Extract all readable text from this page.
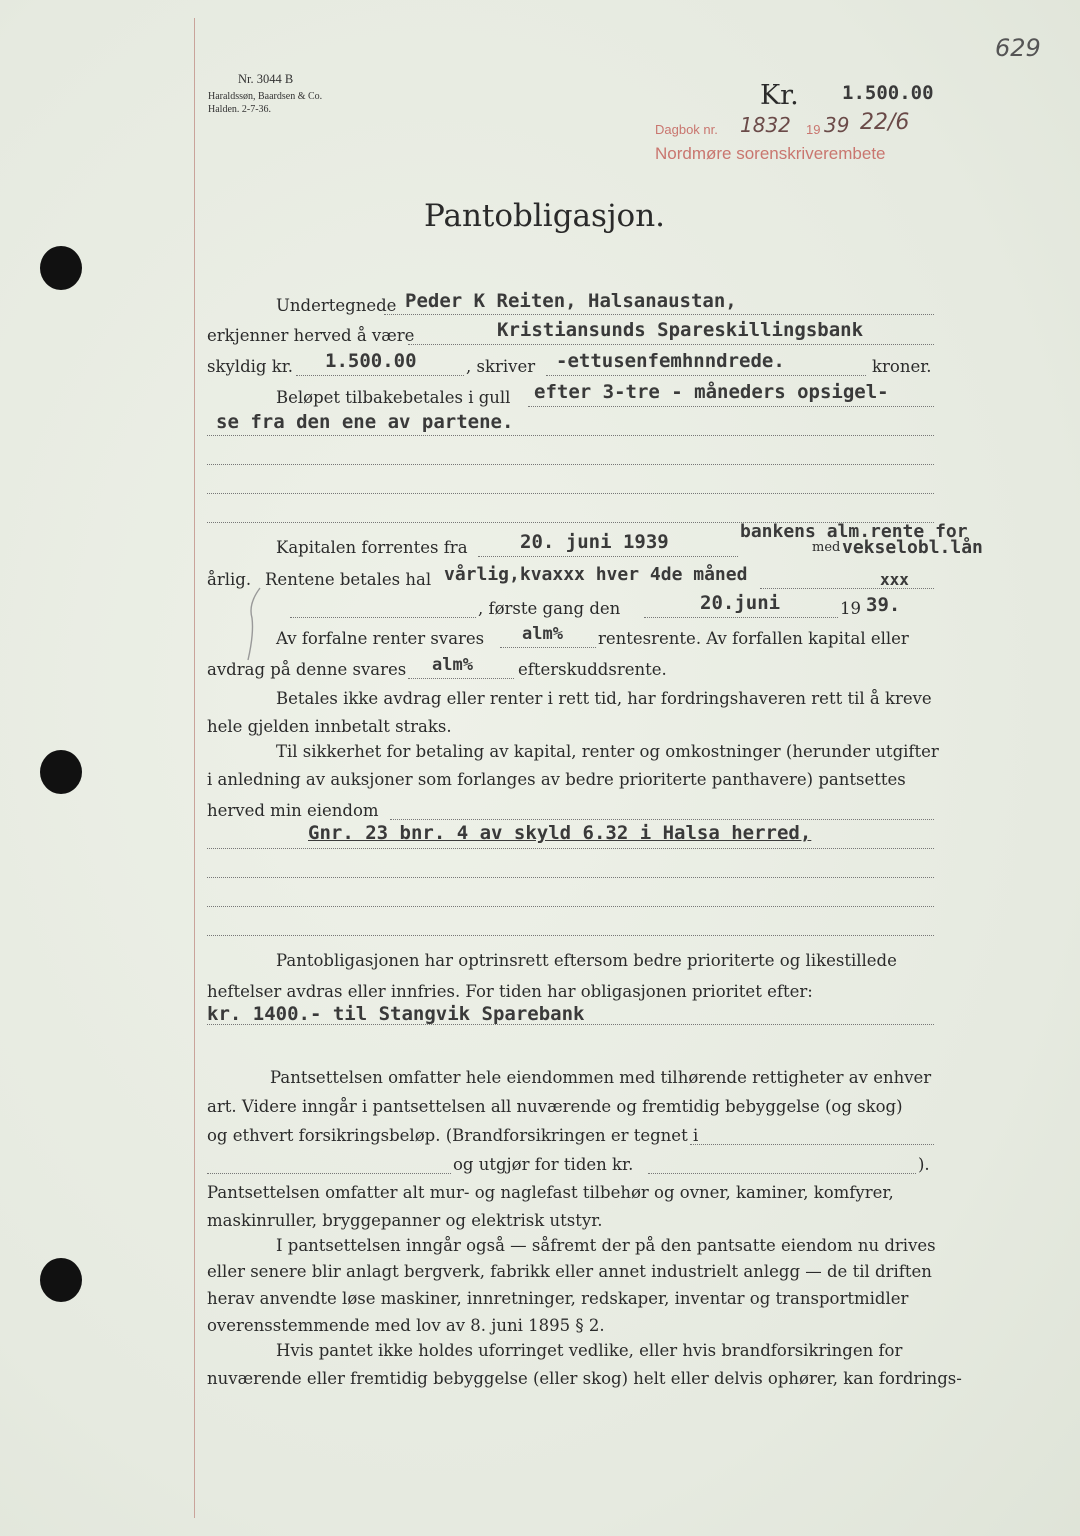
629
Nr. 3044 B
Haraldssøn, Baardsen & Co.
Halden. 2-7-36.	Kr. 1.500.00
Dagbok nr. 1832 19 39 22/6
Nordmøre sorenskriverembete
Pantobligasjon.
Undertegnede Peder K Reiten, Halsanaustan,
erkjenner herved å være	Kristiansunds Spareskillingsbank
skyldig kr. 1.500.00	, skriver -ettusenfemhnndrede.	kroner.
Beløpet tilbakebetales i gull efter 3-tre - måneders opsigel-
se fra den ene av partene.
Kapitalen forrentes fra	20. juni 1939	bankens alm.rente for
med vekselobl.lån
årlig. Rentene betales hal vårlig,kvaxxx hver 4de måned	xxx
, første gang den	20.juni	19 39.
Av forfalne renter svares alm% rentesrente. Av forfallen kapital eller
avdrag på denne svares alm%	efterskuddsrente.
Betales ikke avdrag eller renter i rett tid, har fordringshaveren rett til å kreve
hele gjelden innbetalt straks.
Til sikkerhet for betaling av kapital, renter og omkostninger (herunder utgifter
i anledning av auksjoner som forlanges av bedre prioriterte panthavere) pantsettes
herved min eiendom
Gnr. 23 bnr. 4 av skyld 6.32 i Halsa herred,
Pantobligasjonen har optrinsrett eftersom bedre prioriterte og likestillede
heftelser avdras eller innfries. For tiden har obligasjonen prioritet efter:
kr. 1400.- til Stangvik Sparebank
Pantsettelsen omfatter hele eiendommen med tilhørende rettigheter av enhver
art. Videre inngår i pantsettelsen all nuværende og fremtidig bebyggelse (og skog)
og ethvert forsikringsbeløp. (Brandforsikringen er tegnet i
og utgjør for tiden kr.	).
Pantsettelsen omfatter alt mur- og naglefast tilbehør og ovner, kaminer, komfyrer,
maskinruller, bryggepanner og elektrisk utstyr.
I pantsettelsen inngår også — såfremt der på den pantsatte eiendom nu drives
eller senere blir anlagt bergverk, fabrikk eller annet industrielt anlegg — de til driften
herav anvendte løse maskiner, innretninger, redskaper, inventar og transportmidler
overensstemmende med lov av 8. juni 1895 § 2.
Hvis pantet ikke holdes uforringet vedlike, eller hvis brandforsikringen for
nuværende eller fremtidig bebyggelse (eller skog) helt eller delvis ophører, kan fordrings-
